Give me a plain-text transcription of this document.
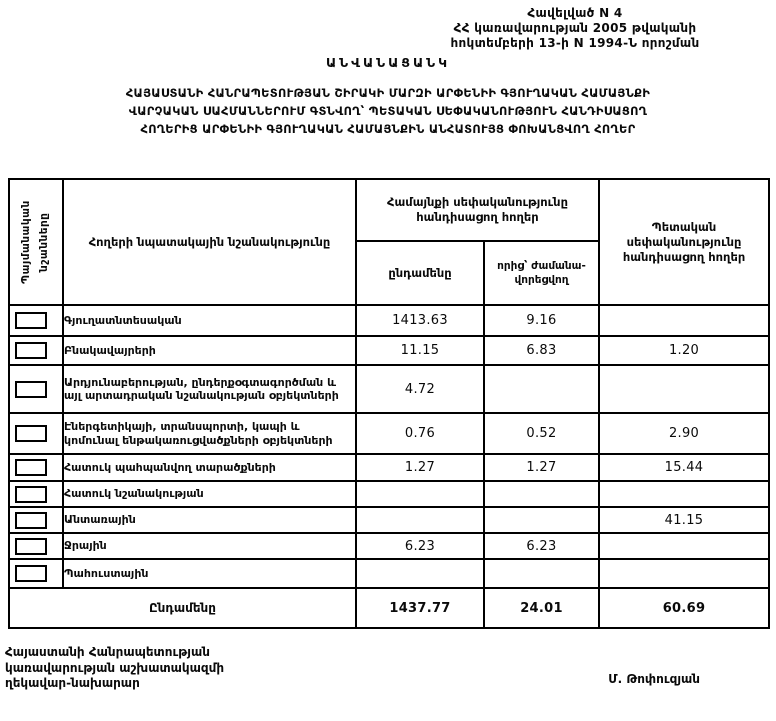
Հավելված N 4
ՀՀ կառավարության 2005 թվականի
հոկտեմբերի 13-ի N 1994-Ն որոշման
ԱՆՎԱՆԱՑԱՆԿ
ՀԱՅԱՍՏԱՆԻ ՀԱՆՐԱՊԵՏՈՒԹՅԱՆ ՇԻՐԱԿԻ ՄԱՐԶԻ ԱՐՓԵՆԻԻ ԳՅՈՒՂԱԿԱՆ ՀԱՄԱՅՆՔԻ
ՎԱՐՉԱԿԱՆ ՍԱՀՄԱՆՆԵՐՈՒՄ ԳՏՆՎՈՂ՝ ՊԵՏԱԿԱՆ ՍԵՓԱԿԱՆՈՒԹՅՈՒՆ ՀԱՆԴԻՍԱՑՈՂ
ՀՈՂԵՐԻՑ ԱՐՓԵՆԻԻ ԳՅՈՒՂԱԿԱՆ ՀԱՄԱՅՆՔԻՆ ԱՆՀԱՏՈՒՅՑ ՓՈԽԱՆՑՎՈՂ ՀՈՂԵՐ
Պայմանական նշանները	Հողերի նպատակային նշանակությունը	Համայնքի սեփականությունը հանդիսացող հողեր		Պետական սեփականությունը հանդիսացող հողեր
		ընդամենը	որից՝ ժամանա-
վորեցվող	

	Գյուղատնտեսական	1413.63	9.16	

	Բնակավայրերի	11.15	6.83	1.20

	Արդյունաբերության, ընդերքօգտագործման և այլ արտադրական նշանակության օբյեկտների	4.72		

	Էներգետիկայի, տրանսպորտի, կապի և կոմունալ ենթակառուցվածքների օբյեկտների	0.76	0.52	2.90

	Հատուկ պահպանվող տարածքների	1.27	1.27	15.44

	Հատուկ նշանակության			

	Անտառային			41.15

	Ջրային	6.23	6.23	

	Պահուստային			
Ընդամենը		1437.77	24.01	60.69
Հայաստանի Հանրապետության
կառավարության աշխատակազմի
ղեկավար-նախարար	Մ. Թոփուզյան
